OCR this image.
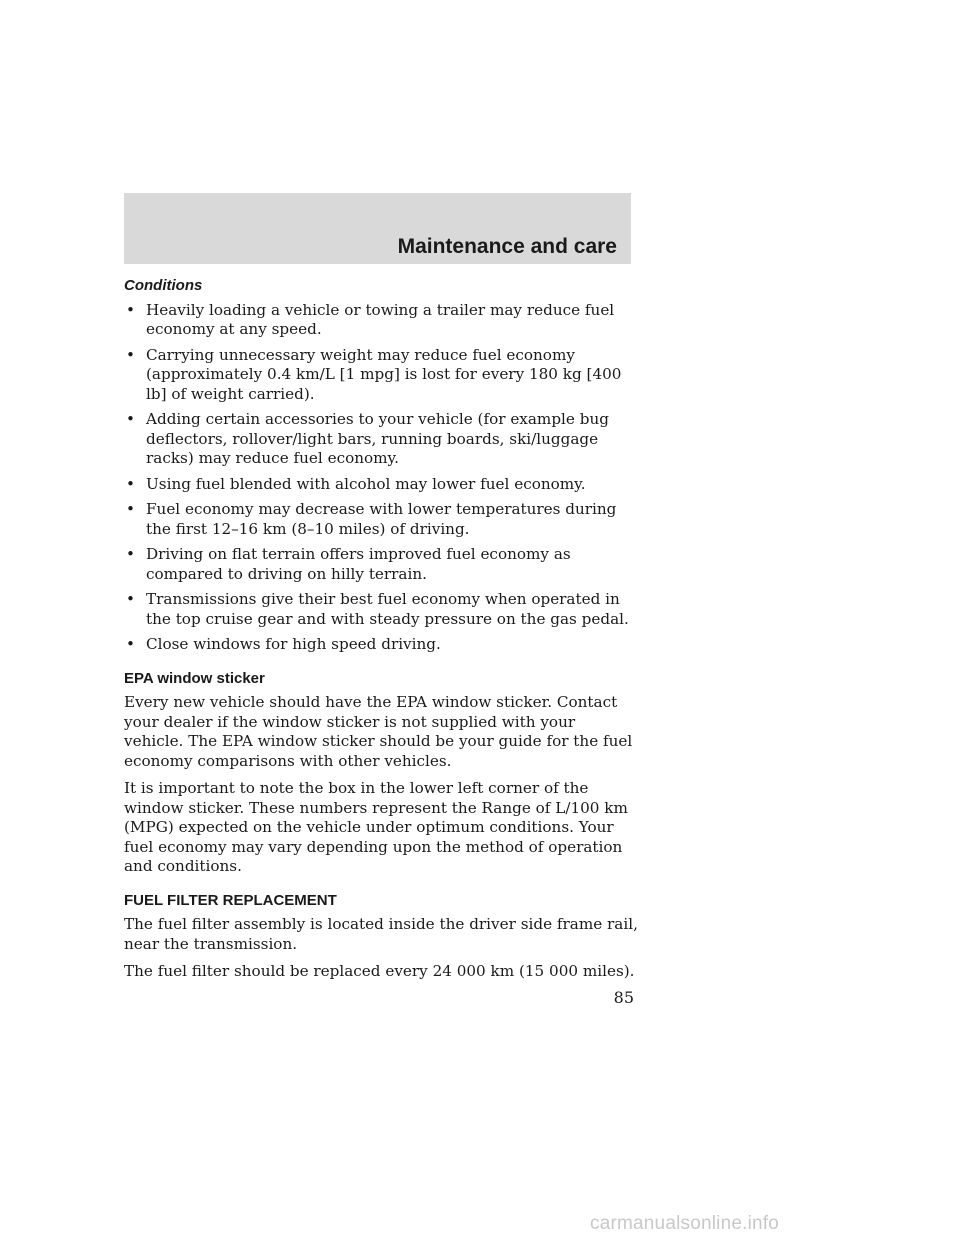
Maintenance and care
Conditions
• Heavily loading a vehicle or towing a trailer may reduce fuel economy at any speed.
• Carrying unnecessary weight may reduce fuel economy (approximately 0.4 km/L [1 mpg] is lost for every 180 kg [400 lb] of weight carried).
• Adding certain accessories to your vehicle (for example bug deflectors, rollover/light bars, running boards, ski/luggage racks) may reduce fuel economy.
• Using fuel blended with alcohol may lower fuel economy.
• Fuel economy may decrease with lower temperatures during the first 12–16 km (8–10 miles) of driving.
• Driving on flat terrain offers improved fuel economy as compared to driving on hilly terrain.
• Transmissions give their best fuel economy when operated in the top cruise gear and with steady pressure on the gas pedal.
• Close windows for high speed driving.
EPA window sticker

Every new vehicle should have the EPA window sticker. Contact your dealer if the window sticker is not supplied with your vehicle. The EPA window sticker should be your guide for the fuel economy comparisons with other vehicles.

It is important to note the box in the lower left corner of the window sticker. These numbers represent the Range of L/100 km (MPG) expected on the vehicle under optimum conditions. Your fuel economy may vary depending upon the method of operation and conditions.

FUEL FILTER REPLACEMENT

The fuel filter assembly is located inside the driver side frame rail, near the transmission.

The fuel filter should be replaced every 24 000 km (15 000 miles).

85
carmanualsonline.info
